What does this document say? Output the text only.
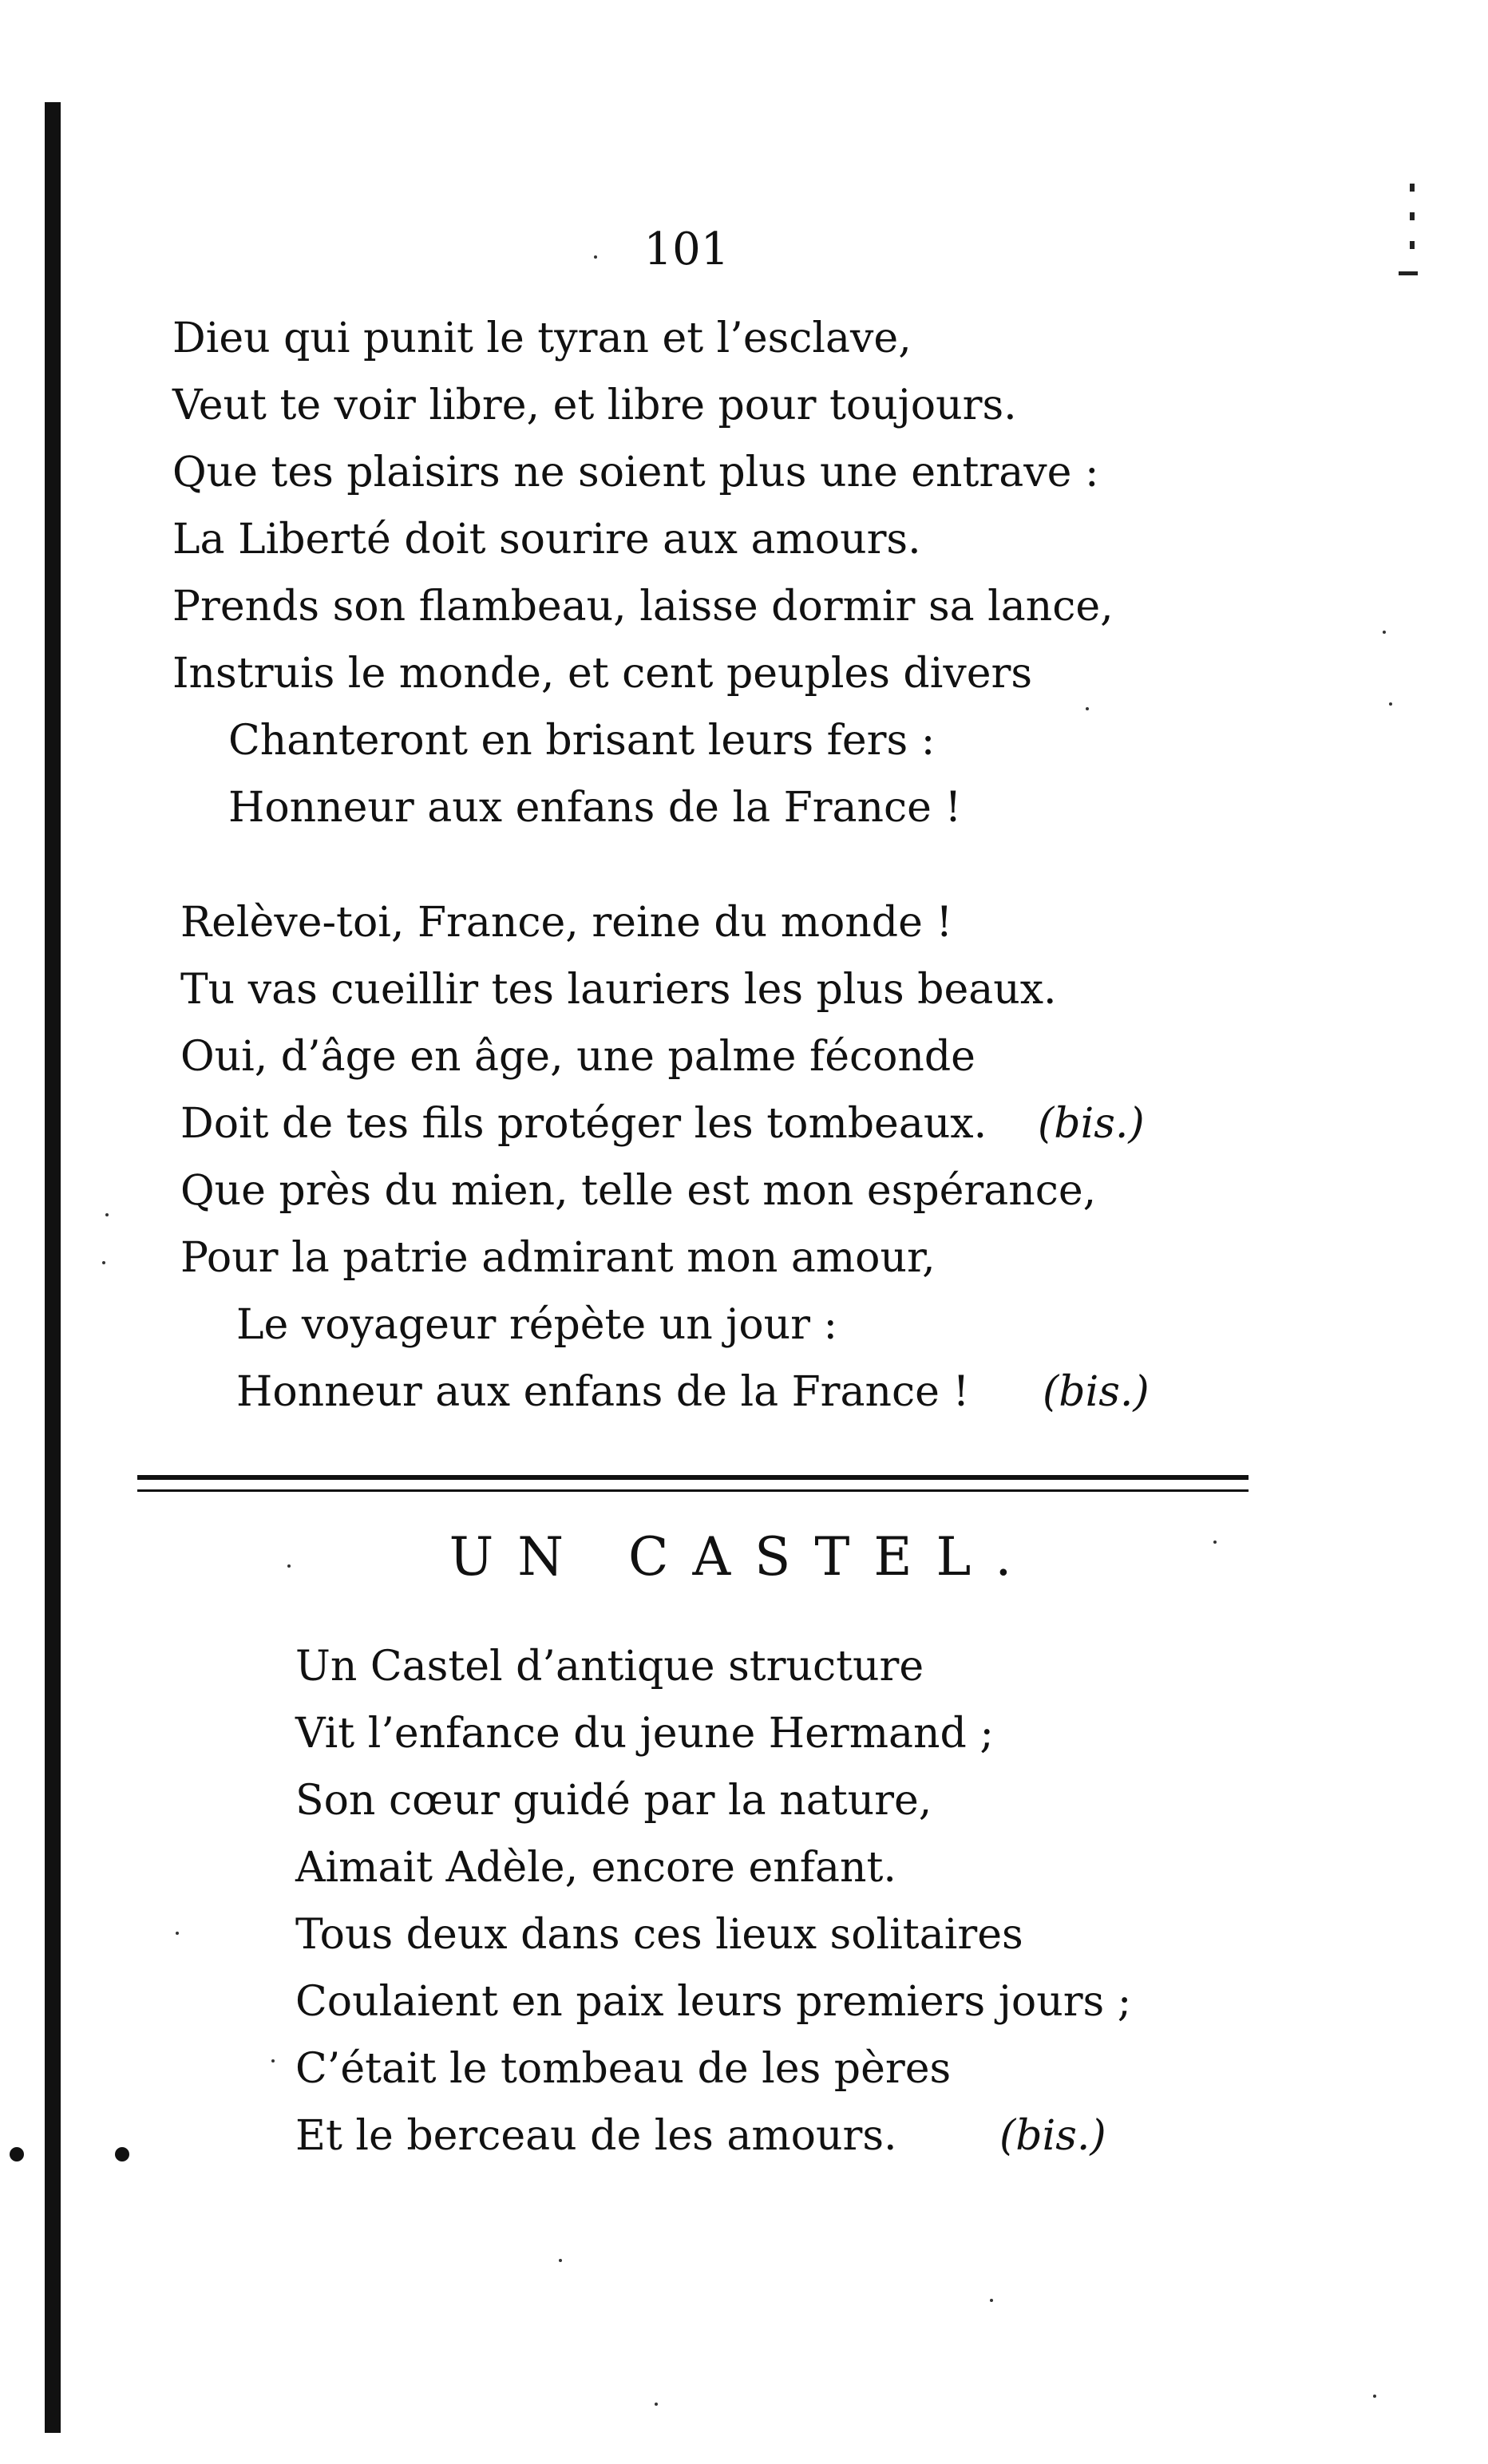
101
Dieu qui punit le tyran et l’esclave,
Veut te voir libre, et libre pour toujours.
Que tes plaisirs ne soient plus une entrave :
La Liberté doit sourire aux amours.
Prends son flambeau, laisse dormir sa lance,
Instruis le monde, et cent peuples divers
Chanteront en brisant leurs fers :
Honneur aux enfans de la France !
Relève-toi, France, reine du monde !
Tu vas cueillir tes lauriers les plus beaux.
Oui, d’âge en âge, une palme féconde
Doit de tes fils protéger les tombeaux. (bis.)
Que près du mien, telle est mon espérance,
Pour la patrie admirant mon amour,
Le voyageur répète un jour :
Honneur aux enfans de la France ! (bis.)
UN CASTEL.
Un Castel d’antique structure
Vit l’enfance du jeune Hermand ;
Son cœur guidé par la nature,
Aimait Adèle, encore enfant.
Tous deux dans ces lieux solitaires
Coulaient en paix leurs premiers jours ;
C’était le tombeau de les pères
Et le berceau de les amours. (bis.)
